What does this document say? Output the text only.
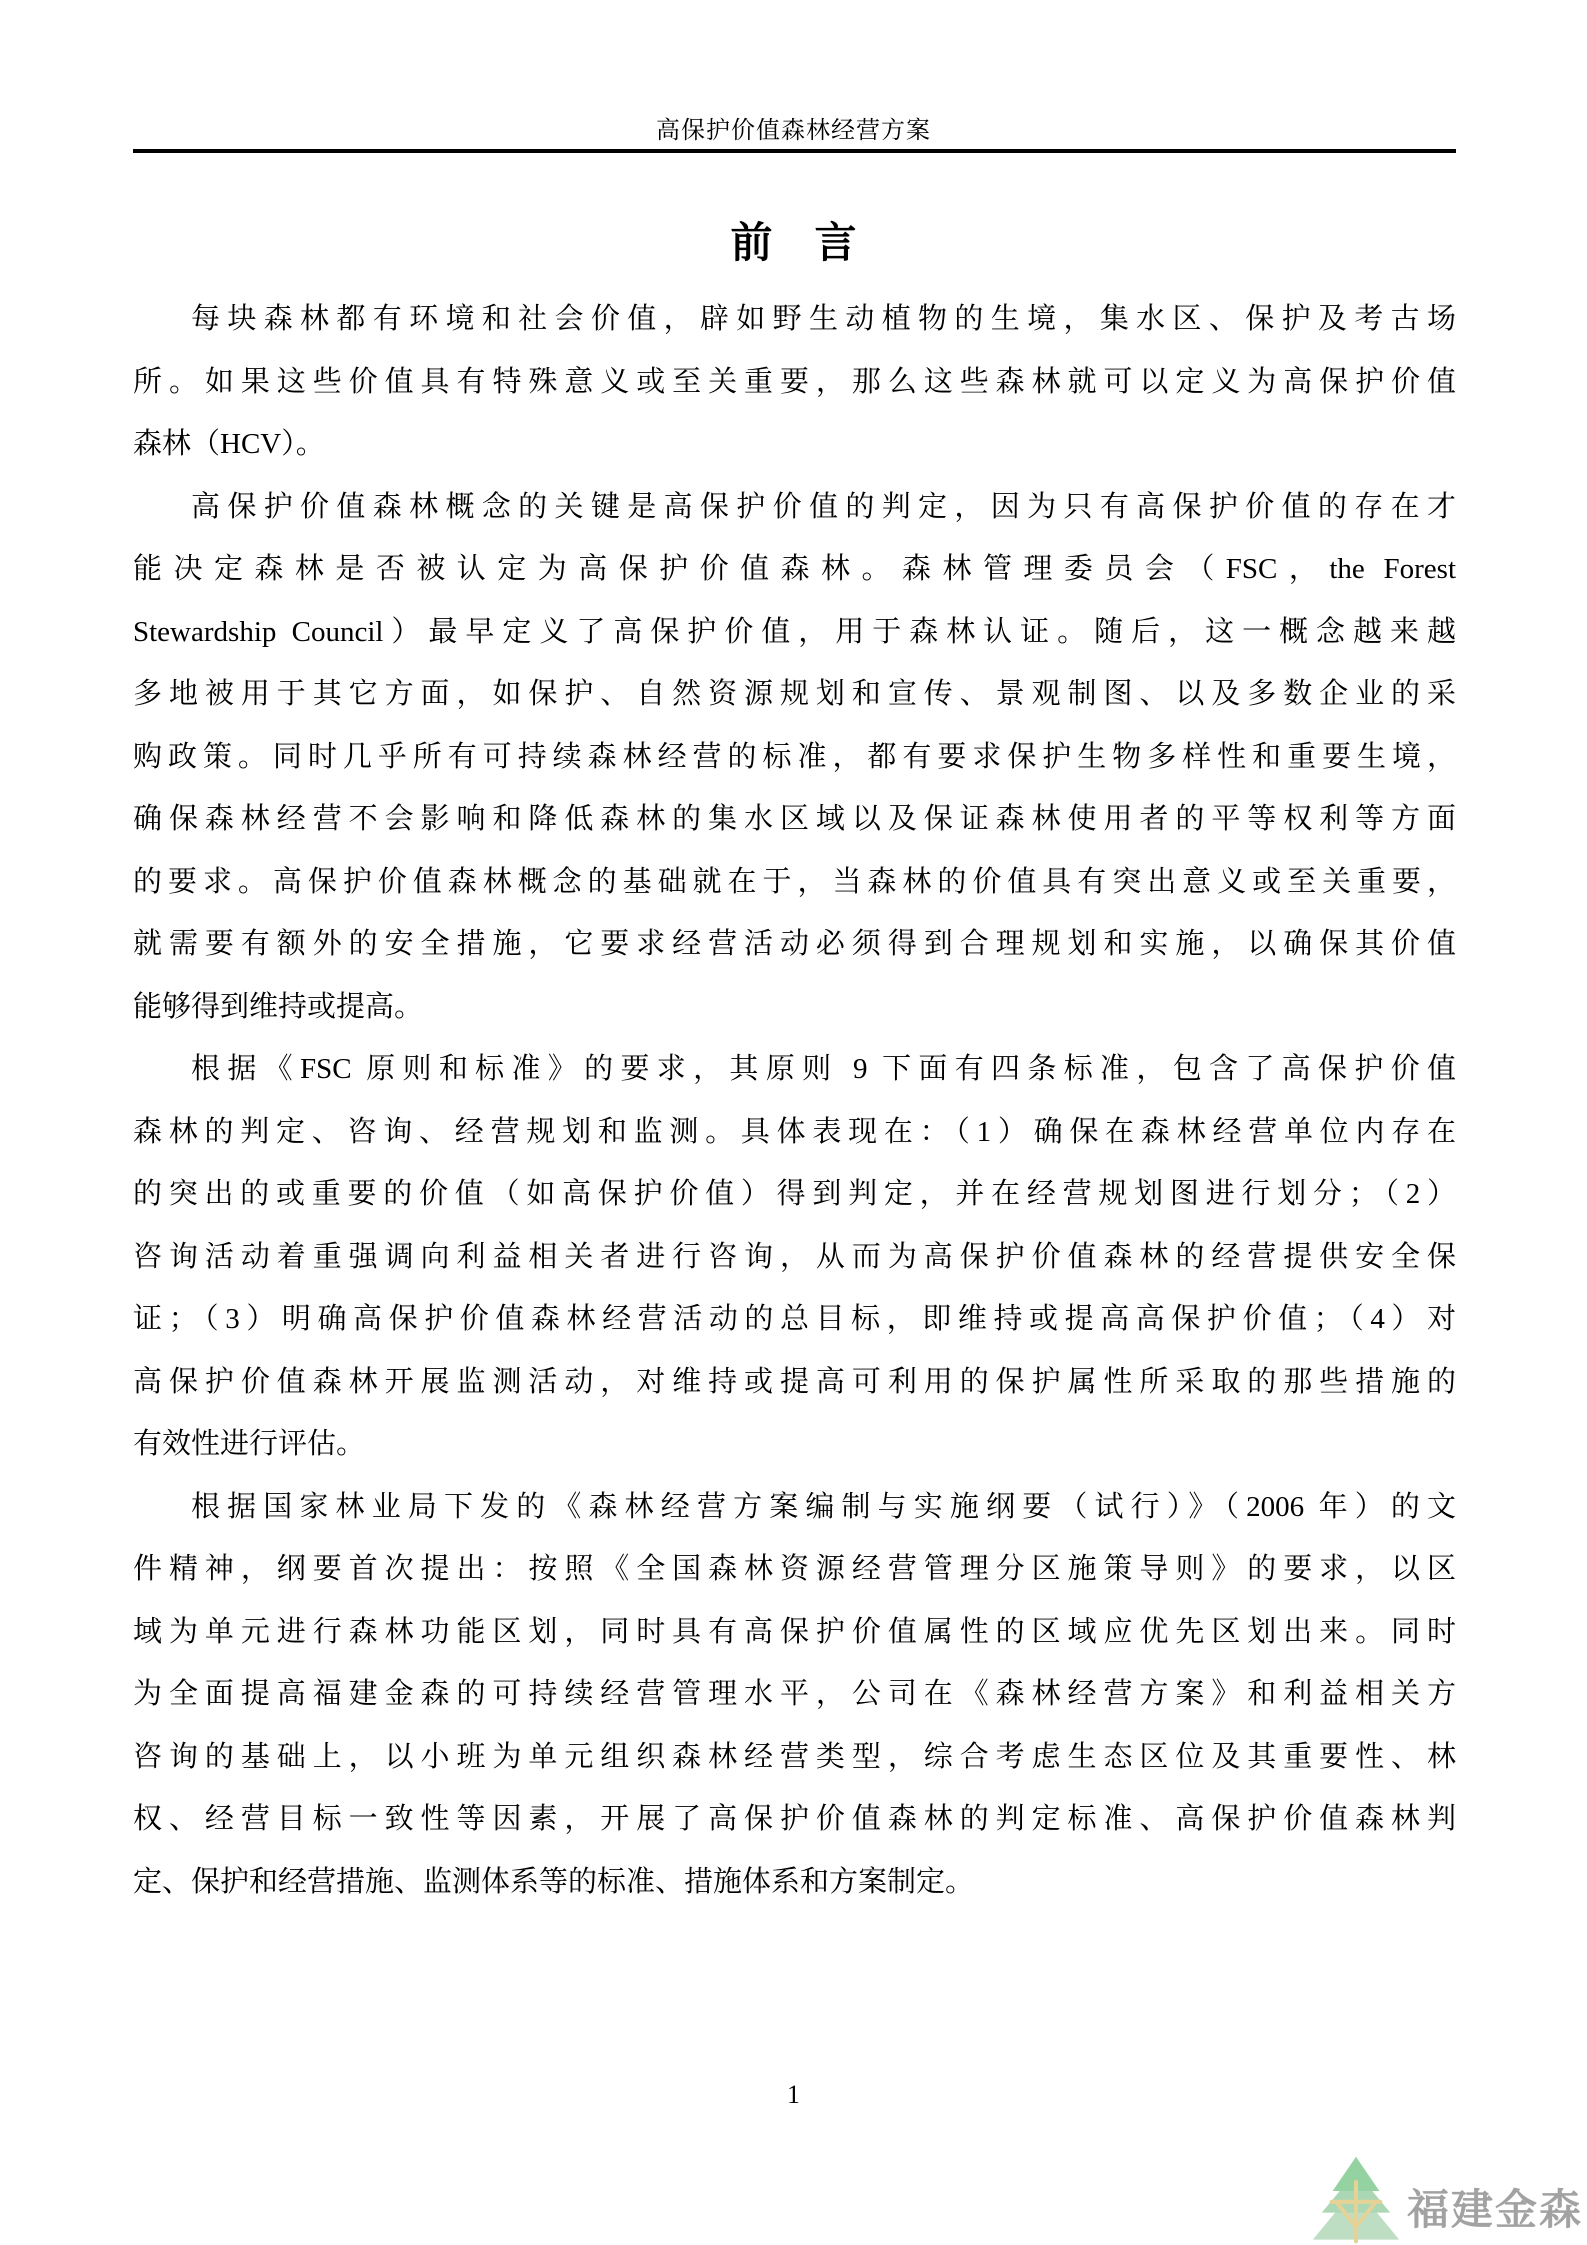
高保护价值森林经营方案
前　言
每块森林都有环境和社会价值，辟如野生动植物的生境，集水区、保护及考古场
所。如果这些价值具有特殊意义或至关重要，那么这些森林就可以定义为高保护价值
森林（HCV）。
高保护价值森林概念的关键是高保护价值的判定，因为只有高保护价值的存在才
能决定森林是否被认定为高保护价值森林。森林管理委员会（FSC，the Forest
Stewardship Council）最早定义了高保护价值，用于森林认证。随后，这一概念越来越
多地被用于其它方面，如保护、自然资源规划和宣传、景观制图、以及多数企业的采
购政策。同时几乎所有可持续森林经营的标准，都有要求保护生物多样性和重要生境，
确保森林经营不会影响和降低森林的集水区域以及保证森林使用者的平等权利等方面
的要求。高保护价值森林概念的基础就在于，当森林的价值具有突出意义或至关重要，
就需要有额外的安全措施，它要求经营活动必须得到合理规划和实施，以确保其价值
能够得到维持或提高。
根据《FSC 原则和标准》的要求，其原则 9 下面有四条标准，包含了高保护价值
森林的判定、咨询、经营规划和监测。具体表现在：（1）确保在森林经营单位内存在
的突出的或重要的价值（如高保护价值）得到判定，并在经营规划图进行划分；（2）
咨询活动着重强调向利益相关者进行咨询，从而为高保护价值森林的经营提供安全保
证；（3）明确高保护价值森林经营活动的总目标，即维持或提高高保护价值；（4）对
高保护价值森林开展监测活动，对维持或提高可利用的保护属性所采取的那些措施的
有效性进行评估。
根据国家林业局下发的《森林经营方案编制与实施纲要（试行）》（2006 年）的文
件精神，纲要首次提出：按照《全国森林资源经营管理分区施策导则》的要求，以区
域为单元进行森林功能区划，同时具有高保护价值属性的区域应优先区划出来。同时
为全面提高福建金森的可持续经营管理水平，公司在《森林经营方案》和利益相关方
咨询的基础上，以小班为单元组织森林经营类型，综合考虑生态区位及其重要性、林
权、经营目标一致性等因素，开展了高保护价值森林的判定标准、高保护价值森林判
定、保护和经营措施、监测体系等的标准、措施体系和方案制定。
1
福建金森
